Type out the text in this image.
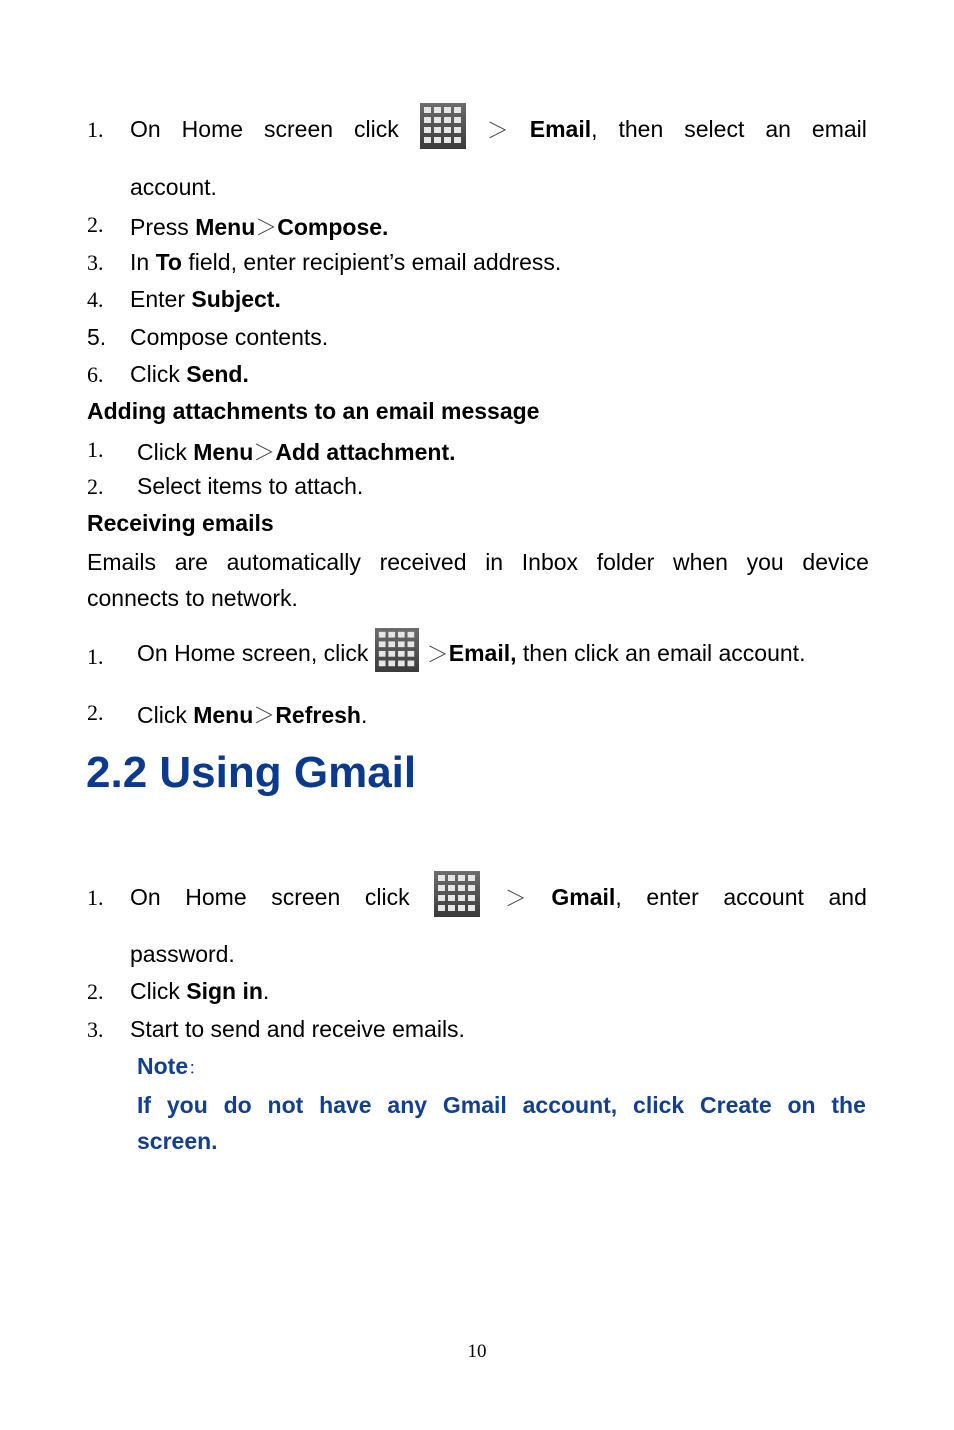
1. On Home screen click	＞ Email, then select an email
account.
2. Press Menu＞Compose.
3. In To field, enter recipient’s email address.
4. Enter Subject.
5. Compose contents.
6. Click Send.
Adding attachments to an email message
1. Click Menu＞Add attachment.
2. Select items to attach.
Receiving emails
Emails are automatically received in Inbox folder when you device
connects to network.
1. On Home screen, click ＞ Email, then click an email account.
2. Click Menu＞Refresh.
2.2 Using Gmail
1. On Home screen click	＞ Gmail, enter account and
password.
2. Click Sign in.
3. Start to send and receive emails.
Note：
If you do not have any Gmail account, click Create on the
screen.
10
